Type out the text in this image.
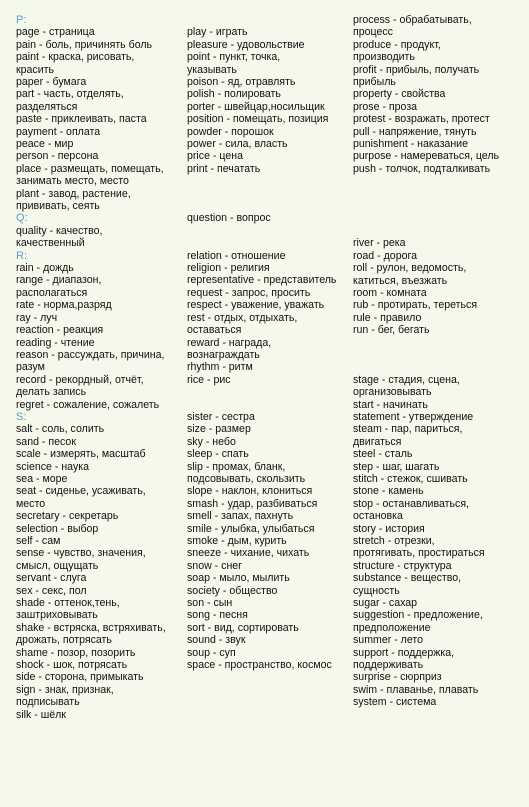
P:
page - страница
pain - боль, причинять боль
paint - краска, рисовать,
красить
paper - бумага
part - часть, отделять,
разделяться
paste - приклеивать, паста
payment - оплата
peace - мир
person - персона
place - размещать, помещать,
занимать место, место
plant - завод, растение,
прививать, сеять
Q:
quality - качество,
качественный
R:
rain - дождь
range - диапазон,
располагаться
rate - норма,разряд
ray - луч
reaction - реакция
reading - чтение
reason - рассуждать, причина,
разум
record - рекордный, отчёт,
делать запись
regret - сожаление, сожалеть
S:
salt - соль, солить
sand - песок
scale - измерять, масштаб
science - наука
sea - море
seat - сиденье, усаживать,
место
secretary - секретарь
selection - выбор
self - сам
sense - чувство, значения,
смысл, ощущать
servant - слуга
sex - секс, пол
shade - оттенок,тень,
заштриховывать
shake - встряска, встряхивать,
дрожать, потрясать
shame - позор, позорить
shock - шок, потрясать
side - сторона, примыкать
sign - знак, признак,
подписывать
silk - шёлк
play - играть
pleasure - удовольствие
point - пункт, точка,
указывать
poison - яд, отравлять
polish - полировать
porter - швейцар,носильщик
position - помещать, позиция
powder - порошок
power - сила, власть
price - цена
print - печатать
question - вопрос
relation - отношение
religion - религия
representative - представитель
request - запрос, просить
respect - уважение, уважать
rest - отдых, отдыхать,
оставаться
reward - награда,
вознаграждать
rhythm - ритм
rice - рис
sister - сестра
size - размер
sky - небо
sleep - спать
slip - промах, бланк,
подсовывать, скользить
slope - наклон, клониться
smash - удар, разбиваться
smell - запах, пахнуть
smile - улыбка, улыбаться
smoke - дым, курить
sneeze - чихание, чихать
snow - снег
soap - мыло, мылить
society - общество
son - сын
song - песня
sort - вид, сортировать
sound - звук
soup - суп
space - пространство, космос
process - обрабатывать,
процесс
produce - продукт,
производить
profit - прибыль, получать
прибыль
property - свойства
prose - проза
protest - возражать, протест
pull - напряжение, тянуть
punishment - наказание
purpose - намереваться, цель
push - толчок, подталкивать
river - река
road - дорога
roll - рулон, ведомость,
катиться, въезжать
room - комната
rub - протирать, тереться
rule - правило
run - бег, бегать
stage - стадия, сцена,
организовывать
start - начинать
statement - утверждение
steam - пар, париться,
двигаться
steel - сталь
step - шаг, шагать
stitch - стежок, сшивать
stone - камень
stop - останавливаться,
остановка
story - история
stretch - отрезки,
протягивать, простираться
structure - структура
substance - вещество,
сущность
sugar - сахар
suggestion - предложение,
предположение
summer - лето
support - поддержка,
поддерживать
surprise - сюрприз
swim - плаванье, плавать
system - система
